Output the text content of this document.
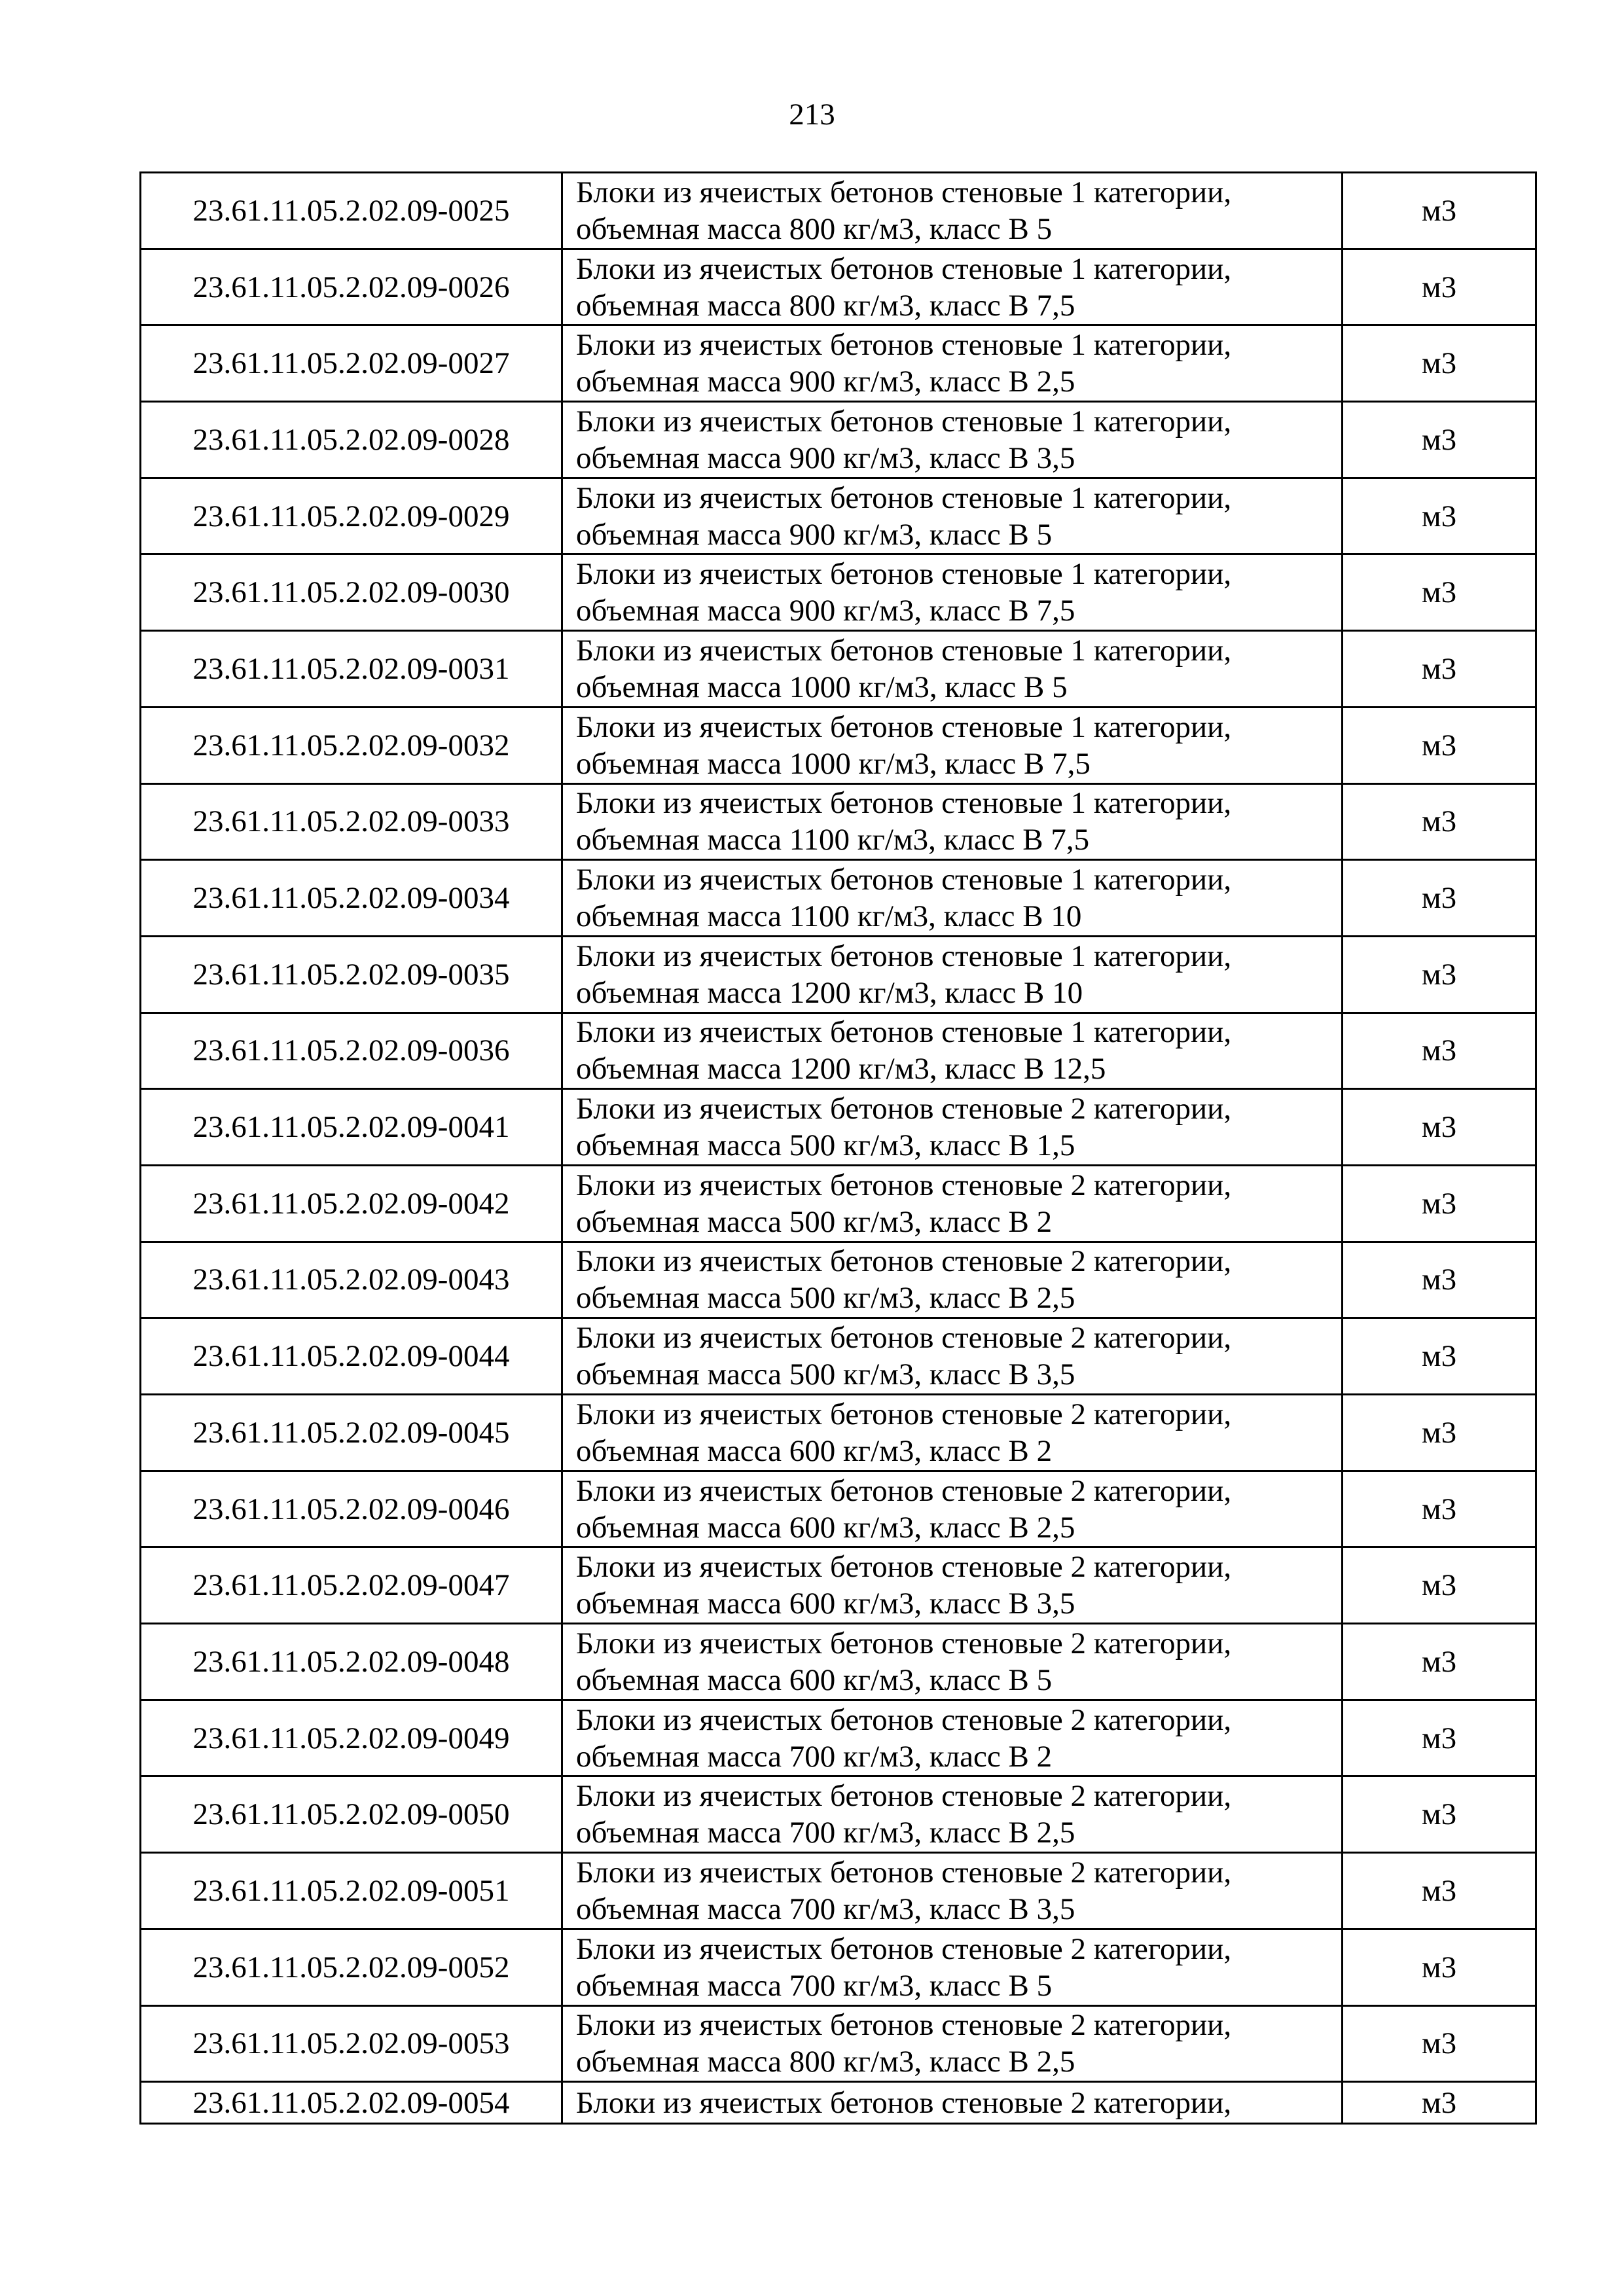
213
23.61.11.05.2.02.09-0025	Блоки из ячеистых бетонов стеновые 1 категории,
объемная масса 800 кг/м3, класс В 5	м3
23.61.11.05.2.02.09-0026	Блоки из ячеистых бетонов стеновые 1 категории,
объемная масса 800 кг/м3, класс В 7,5	м3
23.61.11.05.2.02.09-0027	Блоки из ячеистых бетонов стеновые 1 категории,
объемная масса 900 кг/м3, класс В 2,5	м3
23.61.11.05.2.02.09-0028	Блоки из ячеистых бетонов стеновые 1 категории,
объемная масса 900 кг/м3, класс В 3,5	м3
23.61.11.05.2.02.09-0029	Блоки из ячеистых бетонов стеновые 1 категории,
объемная масса 900 кг/м3, класс В 5	м3
23.61.11.05.2.02.09-0030	Блоки из ячеистых бетонов стеновые 1 категории,
объемная масса 900 кг/м3, класс В 7,5	м3
23.61.11.05.2.02.09-0031	Блоки из ячеистых бетонов стеновые 1 категории,
объемная масса 1000 кг/м3, класс В 5	м3
23.61.11.05.2.02.09-0032	Блоки из ячеистых бетонов стеновые 1 категории,
объемная масса 1000 кг/м3, класс В 7,5	м3
23.61.11.05.2.02.09-0033	Блоки из ячеистых бетонов стеновые 1 категории,
объемная масса 1100 кг/м3, класс В 7,5	м3
23.61.11.05.2.02.09-0034	Блоки из ячеистых бетонов стеновые 1 категории,
объемная масса 1100 кг/м3, класс В 10	м3
23.61.11.05.2.02.09-0035	Блоки из ячеистых бетонов стеновые 1 категории,
объемная масса 1200 кг/м3, класс В 10	м3
23.61.11.05.2.02.09-0036	Блоки из ячеистых бетонов стеновые 1 категории,
объемная масса 1200 кг/м3, класс В 12,5	м3
23.61.11.05.2.02.09-0041	Блоки из ячеистых бетонов стеновые 2 категории,
объемная масса 500 кг/м3, класс В 1,5	м3
23.61.11.05.2.02.09-0042	Блоки из ячеистых бетонов стеновые 2 категории,
объемная масса 500 кг/м3, класс В 2	м3
23.61.11.05.2.02.09-0043	Блоки из ячеистых бетонов стеновые 2 категории,
объемная масса 500 кг/м3, класс В 2,5	м3
23.61.11.05.2.02.09-0044	Блоки из ячеистых бетонов стеновые 2 категории,
объемная масса 500 кг/м3, класс В 3,5	м3
23.61.11.05.2.02.09-0045	Блоки из ячеистых бетонов стеновые 2 категории,
объемная масса 600 кг/м3, класс В 2	м3
23.61.11.05.2.02.09-0046	Блоки из ячеистых бетонов стеновые 2 категории,
объемная масса 600 кг/м3, класс В 2,5	м3
23.61.11.05.2.02.09-0047	Блоки из ячеистых бетонов стеновые 2 категории,
объемная масса 600 кг/м3, класс В 3,5	м3
23.61.11.05.2.02.09-0048	Блоки из ячеистых бетонов стеновые 2 категории,
объемная масса 600 кг/м3, класс В 5	м3
23.61.11.05.2.02.09-0049	Блоки из ячеистых бетонов стеновые 2 категории,
объемная масса 700 кг/м3, класс В 2	м3
23.61.11.05.2.02.09-0050	Блоки из ячеистых бетонов стеновые 2 категории,
объемная масса 700 кг/м3, класс В 2,5	м3
23.61.11.05.2.02.09-0051	Блоки из ячеистых бетонов стеновые 2 категории,
объемная масса 700 кг/м3, класс В 3,5	м3
23.61.11.05.2.02.09-0052	Блоки из ячеистых бетонов стеновые 2 категории,
объемная масса 700 кг/м3, класс В 5	м3
23.61.11.05.2.02.09-0053	Блоки из ячеистых бетонов стеновые 2 категории,
объемная масса 800 кг/м3, класс В 2,5	м3
23.61.11.05.2.02.09-0054	Блоки из ячеистых бетонов стеновые 2 категории,	м3
